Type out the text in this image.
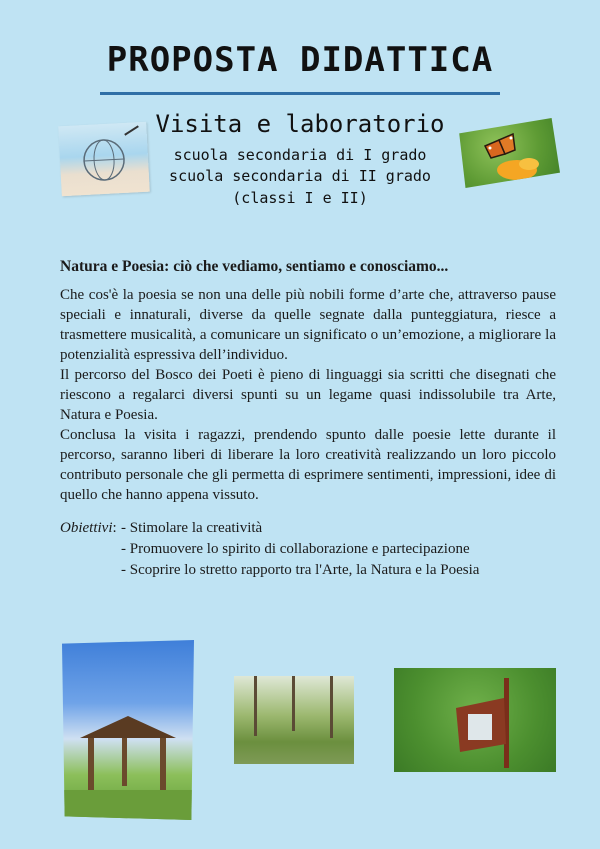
PROPOSTA DIDATTICA
Visita e laboratorio
scuola secondaria di I grado
scuola secondaria di II grado
(classi I e II)
Natura e Poesia: ciò che vediamo, sentiamo e conosciamo...

Che cos'è la poesia se non una delle più nobili forme d’arte che, attraverso pause speciali e innaturali, diverse da quelle segnate dalla punteggiatura, riesce a trasmettere musicalità, a comunicare un significato o un’emozione, a migliorare la potenzialità espressiva dell’individuo.

Il percorso del Bosco dei Poeti è pieno di linguaggi sia scritti che disegnati che riescono a regalarci diversi spunti su un legame quasi indissolubile tra Arte, Natura e Poesia.

Conclusa la visita i ragazzi, prendendo spunto dalle poesie lette durante il percorso, saranno liberi di liberare la loro creatività realizzando un loro piccolo contributo personale che gli permetta di esprimere sentimenti, impressioni, idee di quello che hanno appena vissuto.

Obiettivi: - Stimolare la creatività
- Promuovere lo spirito di collaborazione e partecipazione
- Scoprire lo stretto rapporto tra l'Arte, la Natura e la Poesia
